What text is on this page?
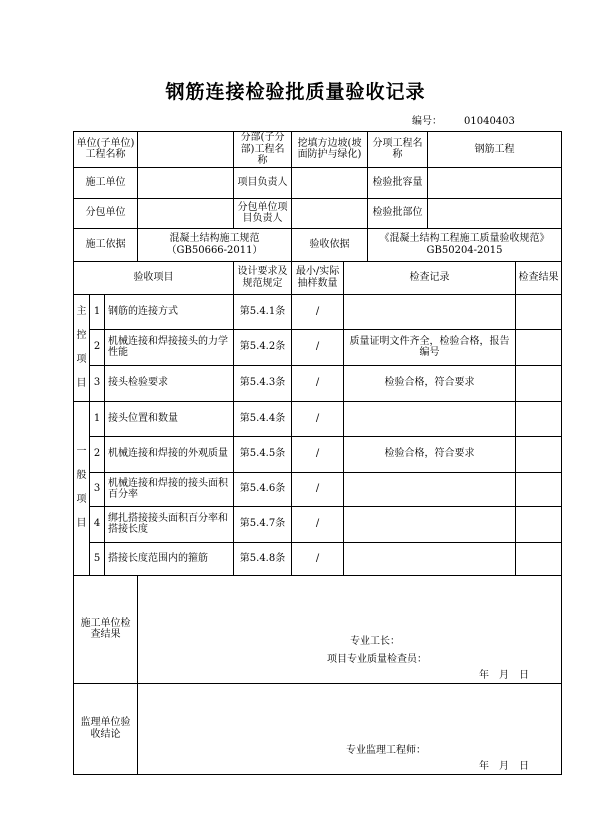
钢筋连接检验批质量验收记录
编号： 01040403
单位(子单位)工程名称				分部(子分部)工程名称	挖填方边坡(坡面防护与绿化)		分项工程名称	钢筋工程	
施工单位				项目负责人			检验批容量		
分包单位				分包单位项目负责人			检验批部位		
施工依据			混凝土结构施工规范（GB50666-2011）		验收依据		《混凝土结构工程施工质量验收规范》GB50204-2015		
验收项目				设计要求及规范规定	最小/实际抽样数量	检查记录			检查结果

主
控
项
目	1	钢筋的连接方式		第5.4.1条	/				
	2	机械连接和焊接接头的力学性能		第5.4.2条	/	质量证明文件齐全，检验合格，报告编号			
	3	接头检验要求		第5.4.3条	/	检验合格，符合要求			

一
般
项
目	1	接头位置和数量		第5.4.4条	/				
	2	机械连接和焊接的外观质量		第5.4.5条	/	检验合格，符合要求			
	3	机械连接和焊接的接头面积百分率		第5.4.6条	/				
	4	绑扎搭接接头面积百分率和搭接长度		第5.4.7条	/				
	5	搭接长度范围内的箍筋		第5.4.8条	/				
施工单位检查结果			专业工长：
项目专业质量检查员：
年　月　日						

监理单位验收结论			专业监理工程师：
年　月　日						
